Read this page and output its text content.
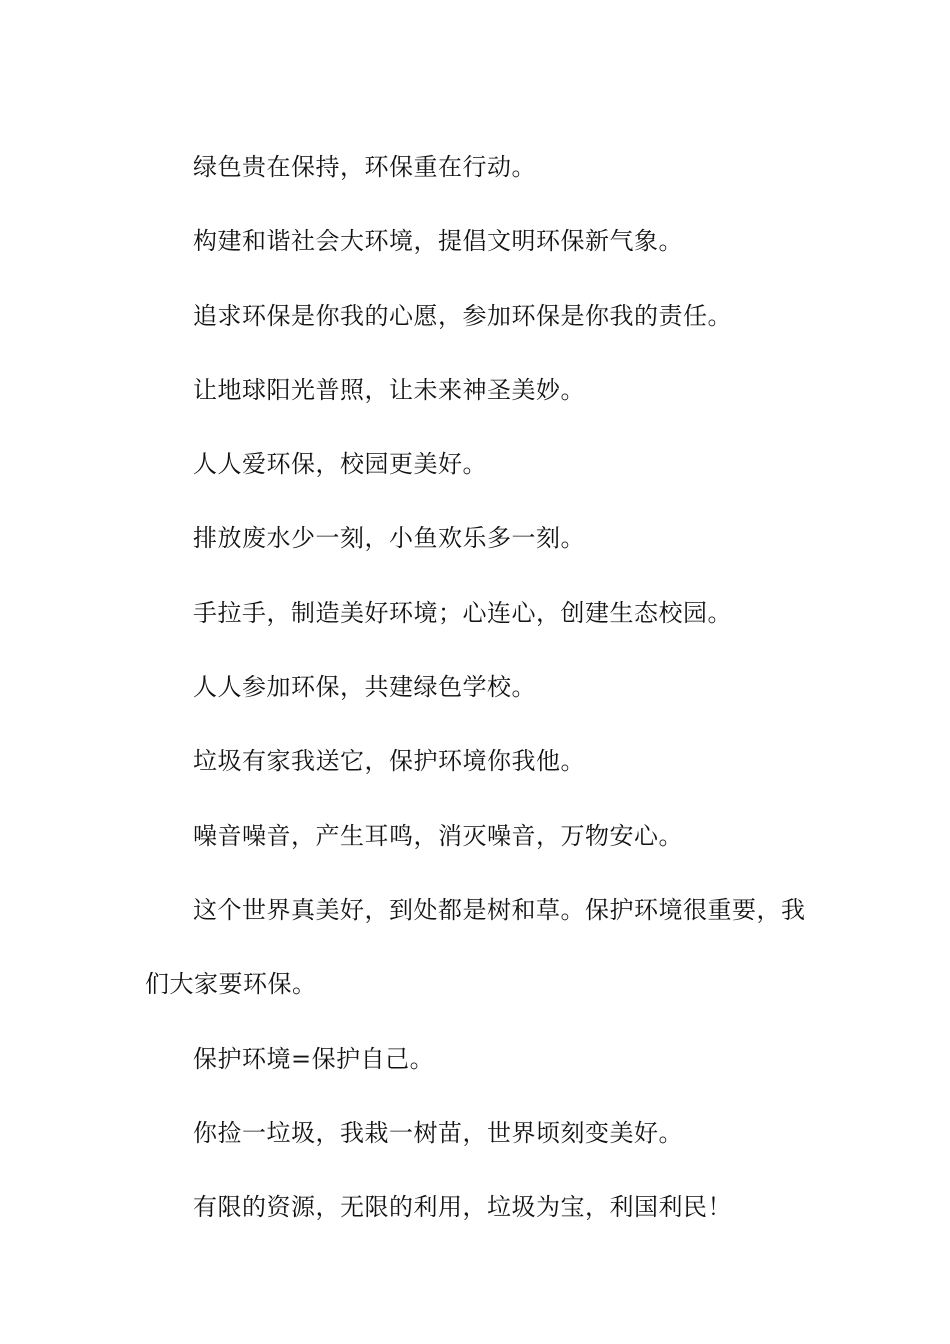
绿色贵在保持，环保重在行动。

构建和谐社会大环境，提倡文明环保新气象。

追求环保是你我的心愿，参加环保是你我的责任。

让地球阳光普照，让未来神圣美妙。

人人爱环保，校园更美好。

排放废水少一刻，小鱼欢乐多一刻。

手拉手，制造美好环境；心连心，创建生态校园。

人人参加环保，共建绿色学校。

垃圾有家我送它，保护环境你我他。

噪音噪音，产生耳鸣，消灭噪音，万物安心。

这个世界真美好，到处都是树和草。保护环境很重要，我们大家要环保。

保护环境=保护自己。

你捡一垃圾，我栽一树苗，世界顷刻变美好。

有限的资源，无限的利用，垃圾为宝，利国利民！
